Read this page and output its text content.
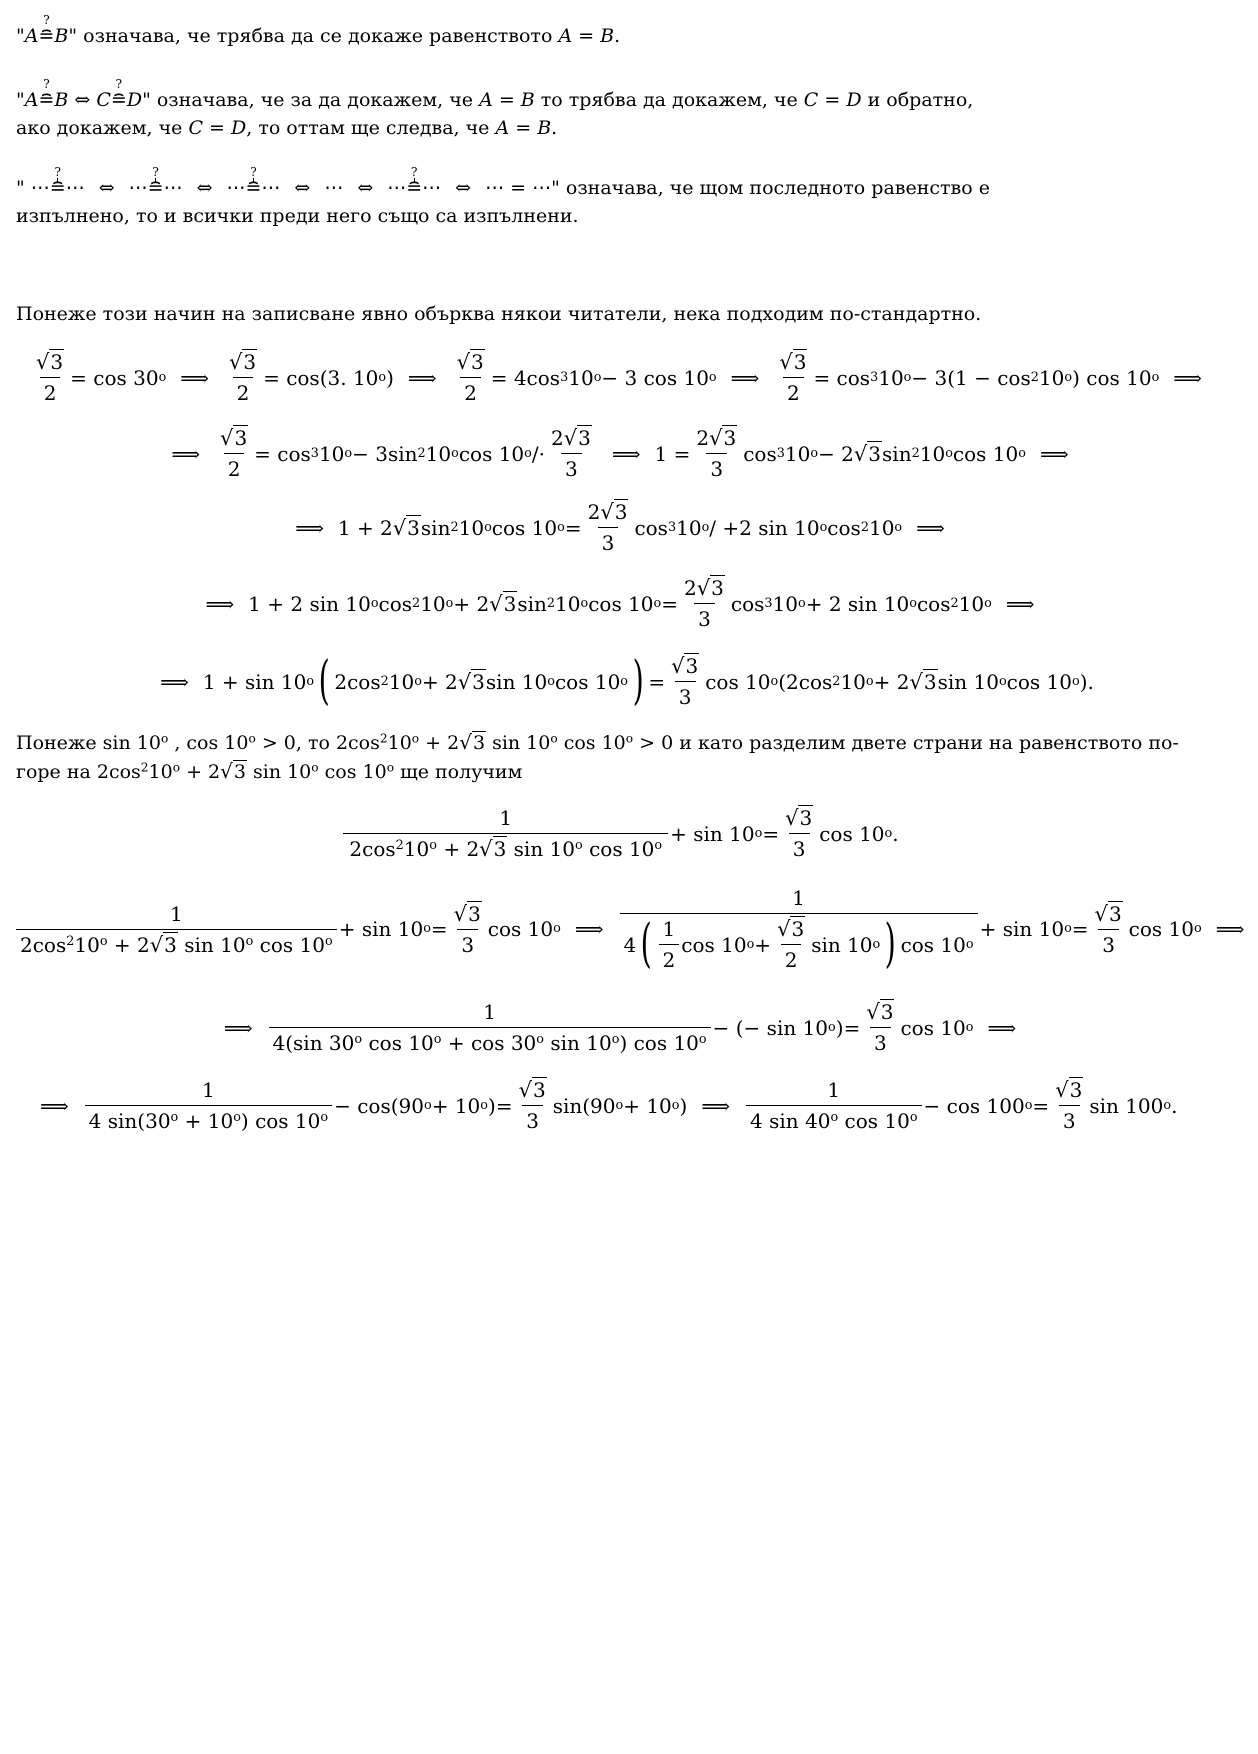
"A
?
≘ B" означава, че трябва да се докаже равенството A = B.
"A
?
≘ B ⇔ C
?
≘ D" означава, че за да докажем, че A = B то трябва да докажем, че C = D и обратно,
ако докажем, че C = D, то оттам ще следва, че A = B.
" ⋯
?
≘ ⋯ ⇔ ⋯
?
≘ ⋯ ⇔ ⋯
?
≘ ⋯ ⇔ ⋯ ⇔ ⋯
?
≘ ⋯ ⇔ ⋯ = ⋯" означава, че щом последното равенство е
изпълнено, то и всички преди него също са изпълнени.
Понеже този начин на записване явно обърква някои читатели, нека подходим по-стандартно.
$\frac{√3}{2} = \cos 30$ o ⟹ $\frac{√3}{2} = \cos(3$. 10 o ) ⟹ $\frac{√3}{2} = 4\cos$ 3 10 o − 3 cos 10 o ⟹ $\frac{√3}{2} = \cos 3$ 10 o − 3(1 − cos 2 10 o ) cos 10 o ⟹
⟹ $\frac{√3}{2} = \cos 3$ 10 o − 3sin 2 10 o cos 10 $o /\cdot \frac{2√3}{3}$ ⟹ $1 = \frac{2√3}{3}$ cos 3 10 o − 2 √3 sin 2 10 o cos 10 o ⟹
⟹ 1 + 2 √3 sin 2 10 o cos 10 $o = \frac{2√3}{3}$ cos 3 10 o / +2 sin 10 o cos 2 10 o ⟹
⟹ 1 + 2 sin 10 o cos 2 10 o + 2 √3 sin 2 10 o cos 10 $o = \frac{2√3}{3}$ cos 3 10 o + 2 sin 10 o cos 2 10 o ⟹
⟹ 1 + sin 10 o ( 2cos 2 10 o + 2 √3 sin 10 o cos 10 o ) = $\frac{√3}{3}$ cos 10 o (2cos 2 10 o + 2 √3 sin 10 o cos 10 o ).
Понеже sin 10$^o$ , $\cos 10^o > 0$, то $2\cos^210^o + 2√3$ sin 10$^o$ $\cos 10^o > 0$ и като разделим двете страни на равенството по-
горе на $2\cos^210^o + 2√3$ sin 10$^o$ cos 10$^o$ ще получим
$\frac{1}{2\cos^210^o + 2√3 \sin 10^o \cos 10^o} + \sin 10$ $o = \frac{√3}{3}$ cos 10 o .
$\frac{1}{2\cos^210^o + 2√3 \sin 10^o \cos 10^o} + \sin 10$ $o = \frac{√3}{3}$ cos 10 o ⟹ $\frac{1}{4 ( \frac{1}{2} \cos 10 o + \frac{√3}{2} \sin 10 o ) \cos 10 o} + \sin 10$ $o = \frac{√3}{3}$ cos 10 o ⟹
⟹ $\frac{1}{4(\sin 30^o \cos 10^o + \cos 30^o \sin 10^o) \cos 10^o}$ − (− sin 10 o ) = $\frac{√3}{3}$ cos 10 o ⟹
⟹ $\frac{1}{4 \sin(30^o + 10^o) \cos 10^o} - \cos(90$ o + 10 o ) = $\frac{√3}{3} \sin(90$ o + 10 o ) ⟹ $\frac{1}{4 \sin 40^o \cos 10^o} - \cos 100$ $o = \frac{√3}{3}$ sin 100 o .
